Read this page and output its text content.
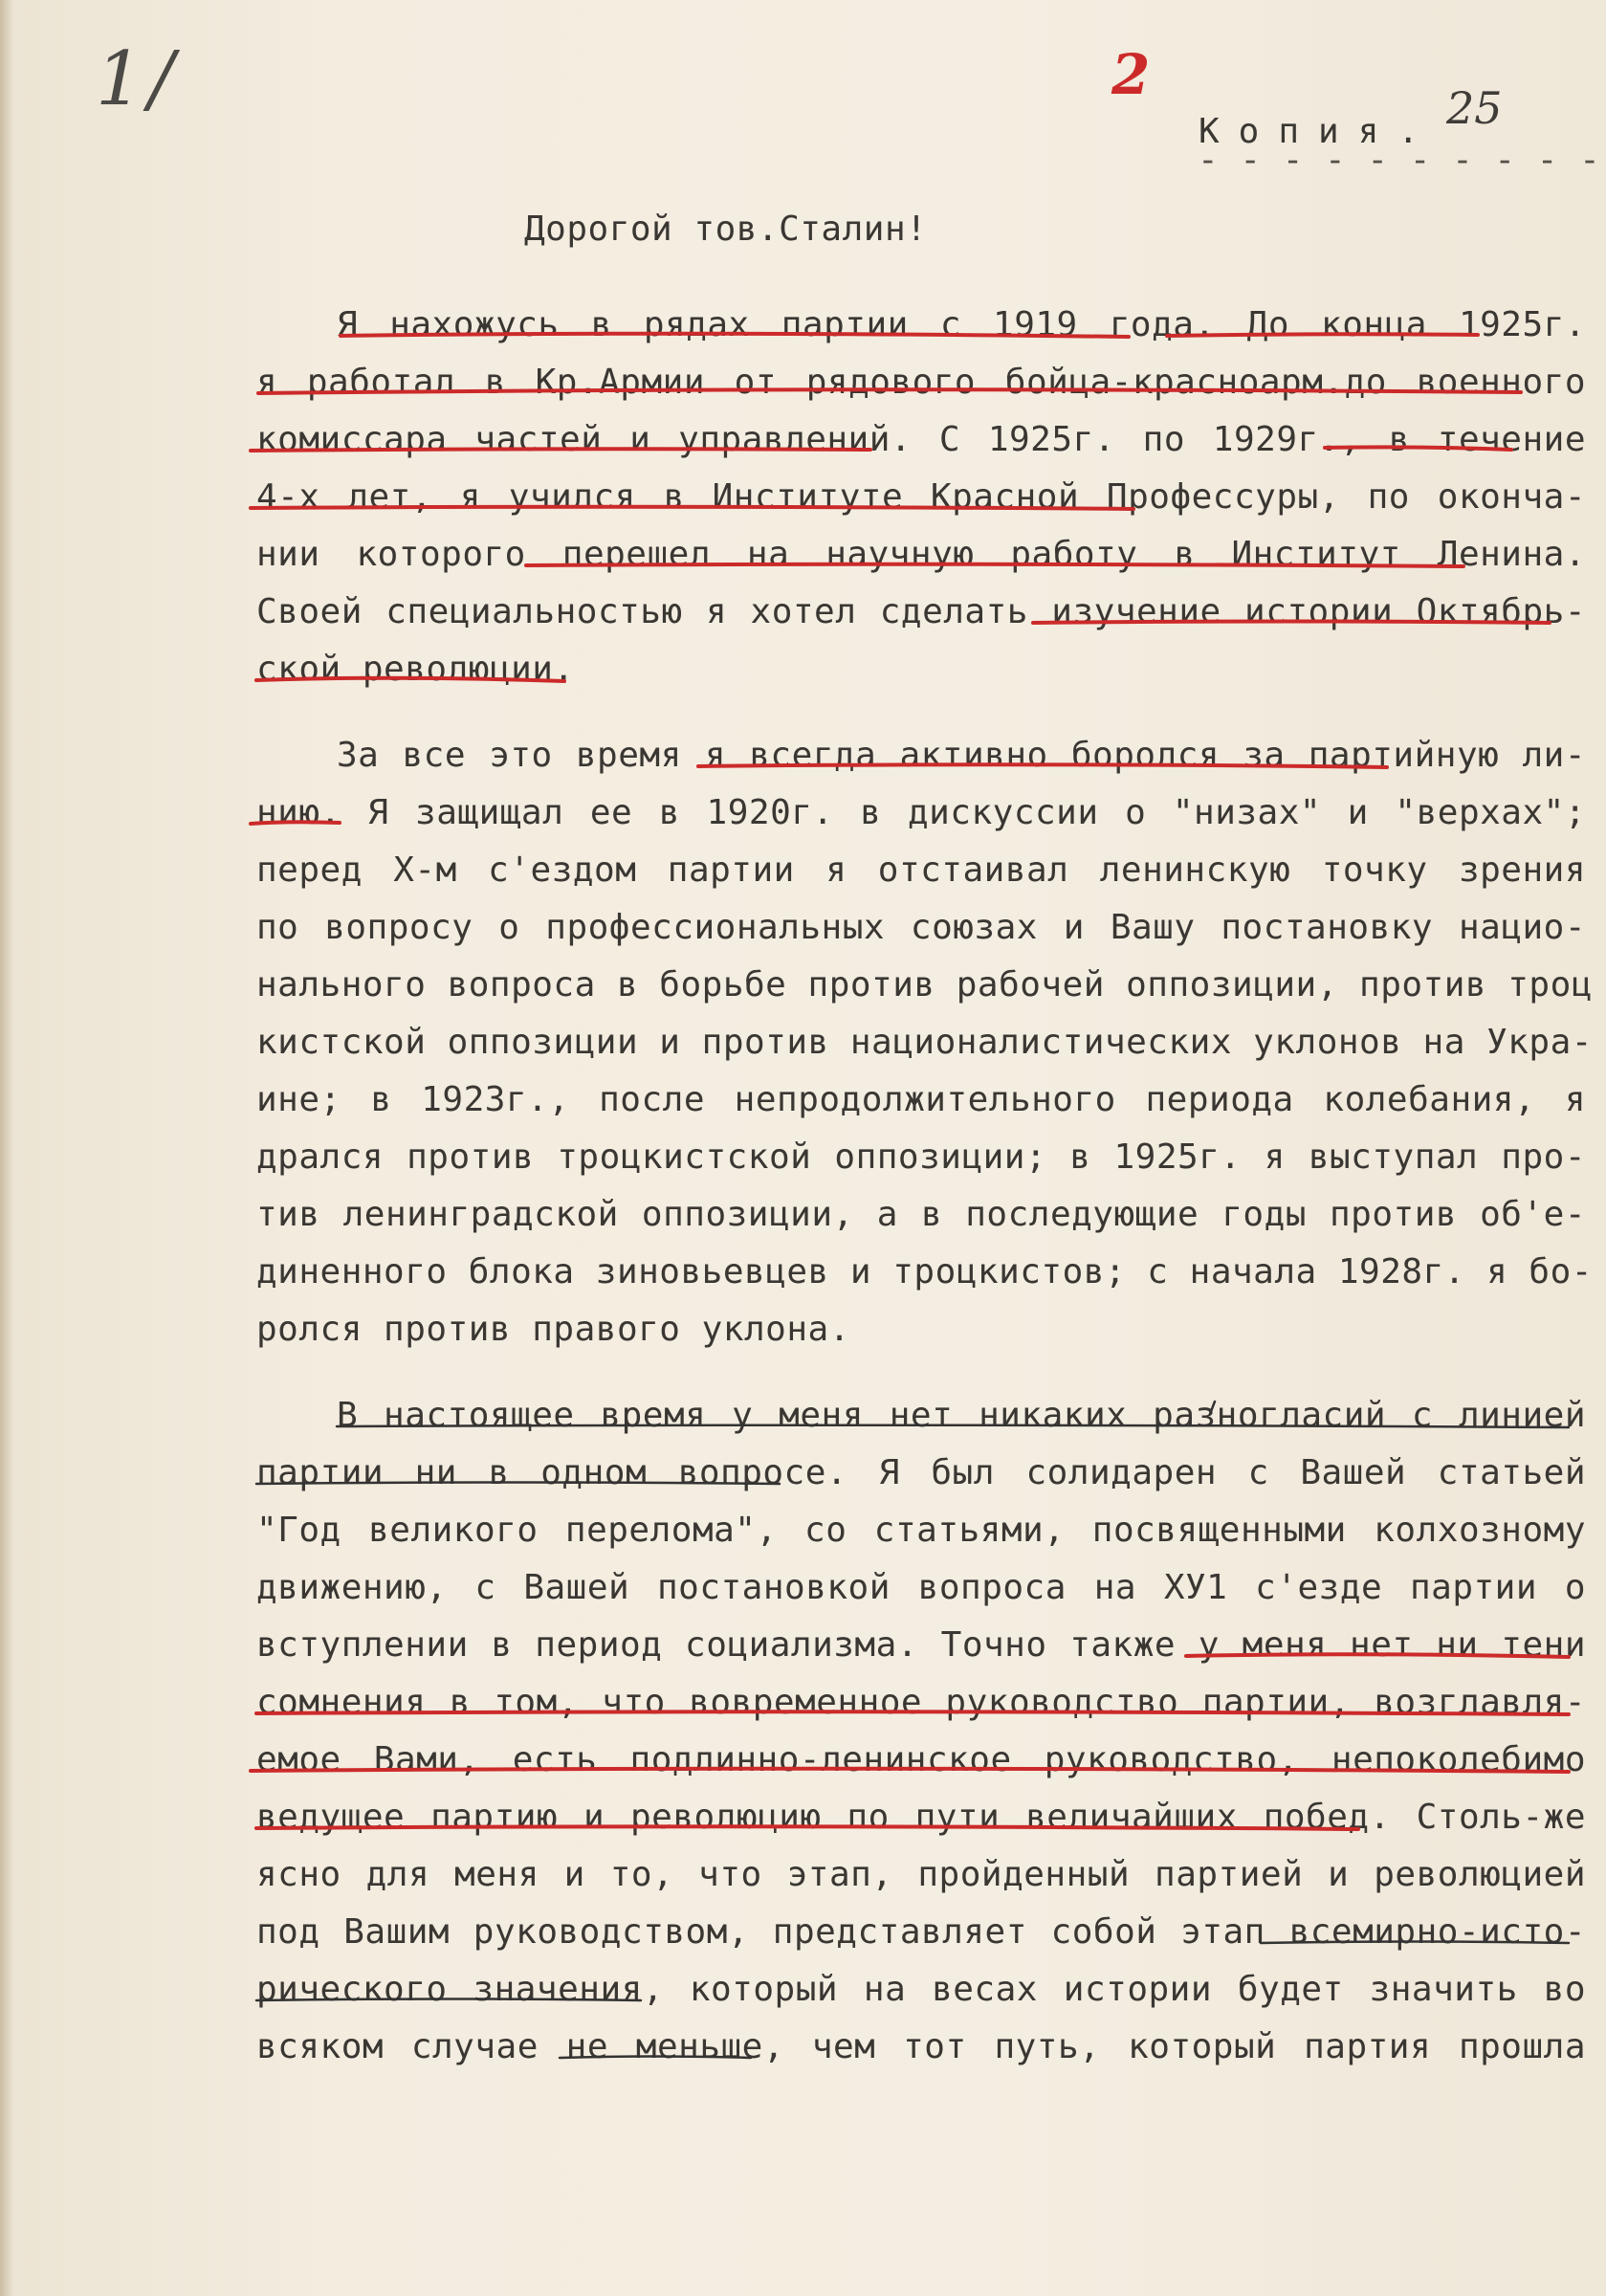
1/	2
25
Копия.
- - - - - - - - - -
Дорогой тов.Сталин!
Я нахожусь в рядах партии с 1919 года. До конца 1925г.
я работал в Кр.Армии от рядового бойца-красноарм.до военного
комиссара частей и управлений. С 1925г. по 1929г., в течение
4-х лет, я учился в Институте Красной Профессуры, по оконча-
нии которого перешел на научную работу в Институт Ленина.
Своей специальностью я хотел сделать изучение истории Октябрь-
ской революции.
За все это время я всегда активно боролся за партийную ли-
нию. Я защищал ее в 1920г. в дискуссии о "низах" и "верхах";
перед Х-м с'ездом партии я отстаивал ленинскую точку зрения
по вопросу о профессиональных союзах и Вашу постановку нацио-
нального вопроса в борьбе против рабочей оппозиции, против троц
кистской оппозиции и против националистических уклонов на Укра-
ине; в 1923г., после непродолжительного периода колебания, я
дрался против троцкистской оппозиции; в 1925г. я выступал про-
тив ленинградской оппозиции, а в последующие годы против об'е-
диненного блока зиновьевцев и троцкистов; с начала 1928г. я бо-
ролся против правого уклона.
В настоящее время у меня нет никаких разногласий с линией
партии ни в одном вопросе. Я был солидарен с Вашей статьей
"Год великого перелома", со статьями, посвященными колхозному
движению, с Вашей постановкой вопроса на ХУ1 с'езде партии о
вступлении в период социализма. Точно также у меня нет ни тени
сомнения в том, что вовременное руководство партии, возглавля-
емое Вами, есть подлинно-ленинское руководство, непоколебимо
ведущее партию и революцию по пути величайших побед. Столь-же
ясно для меня и то, что этап, пройденный партией и революцией
под Вашим руководством, представляет собой этап всемирно-исто-
рического значения, который на весах истории будет значить во
всяком случае не меньше, чем тот путь, который партия прошла
